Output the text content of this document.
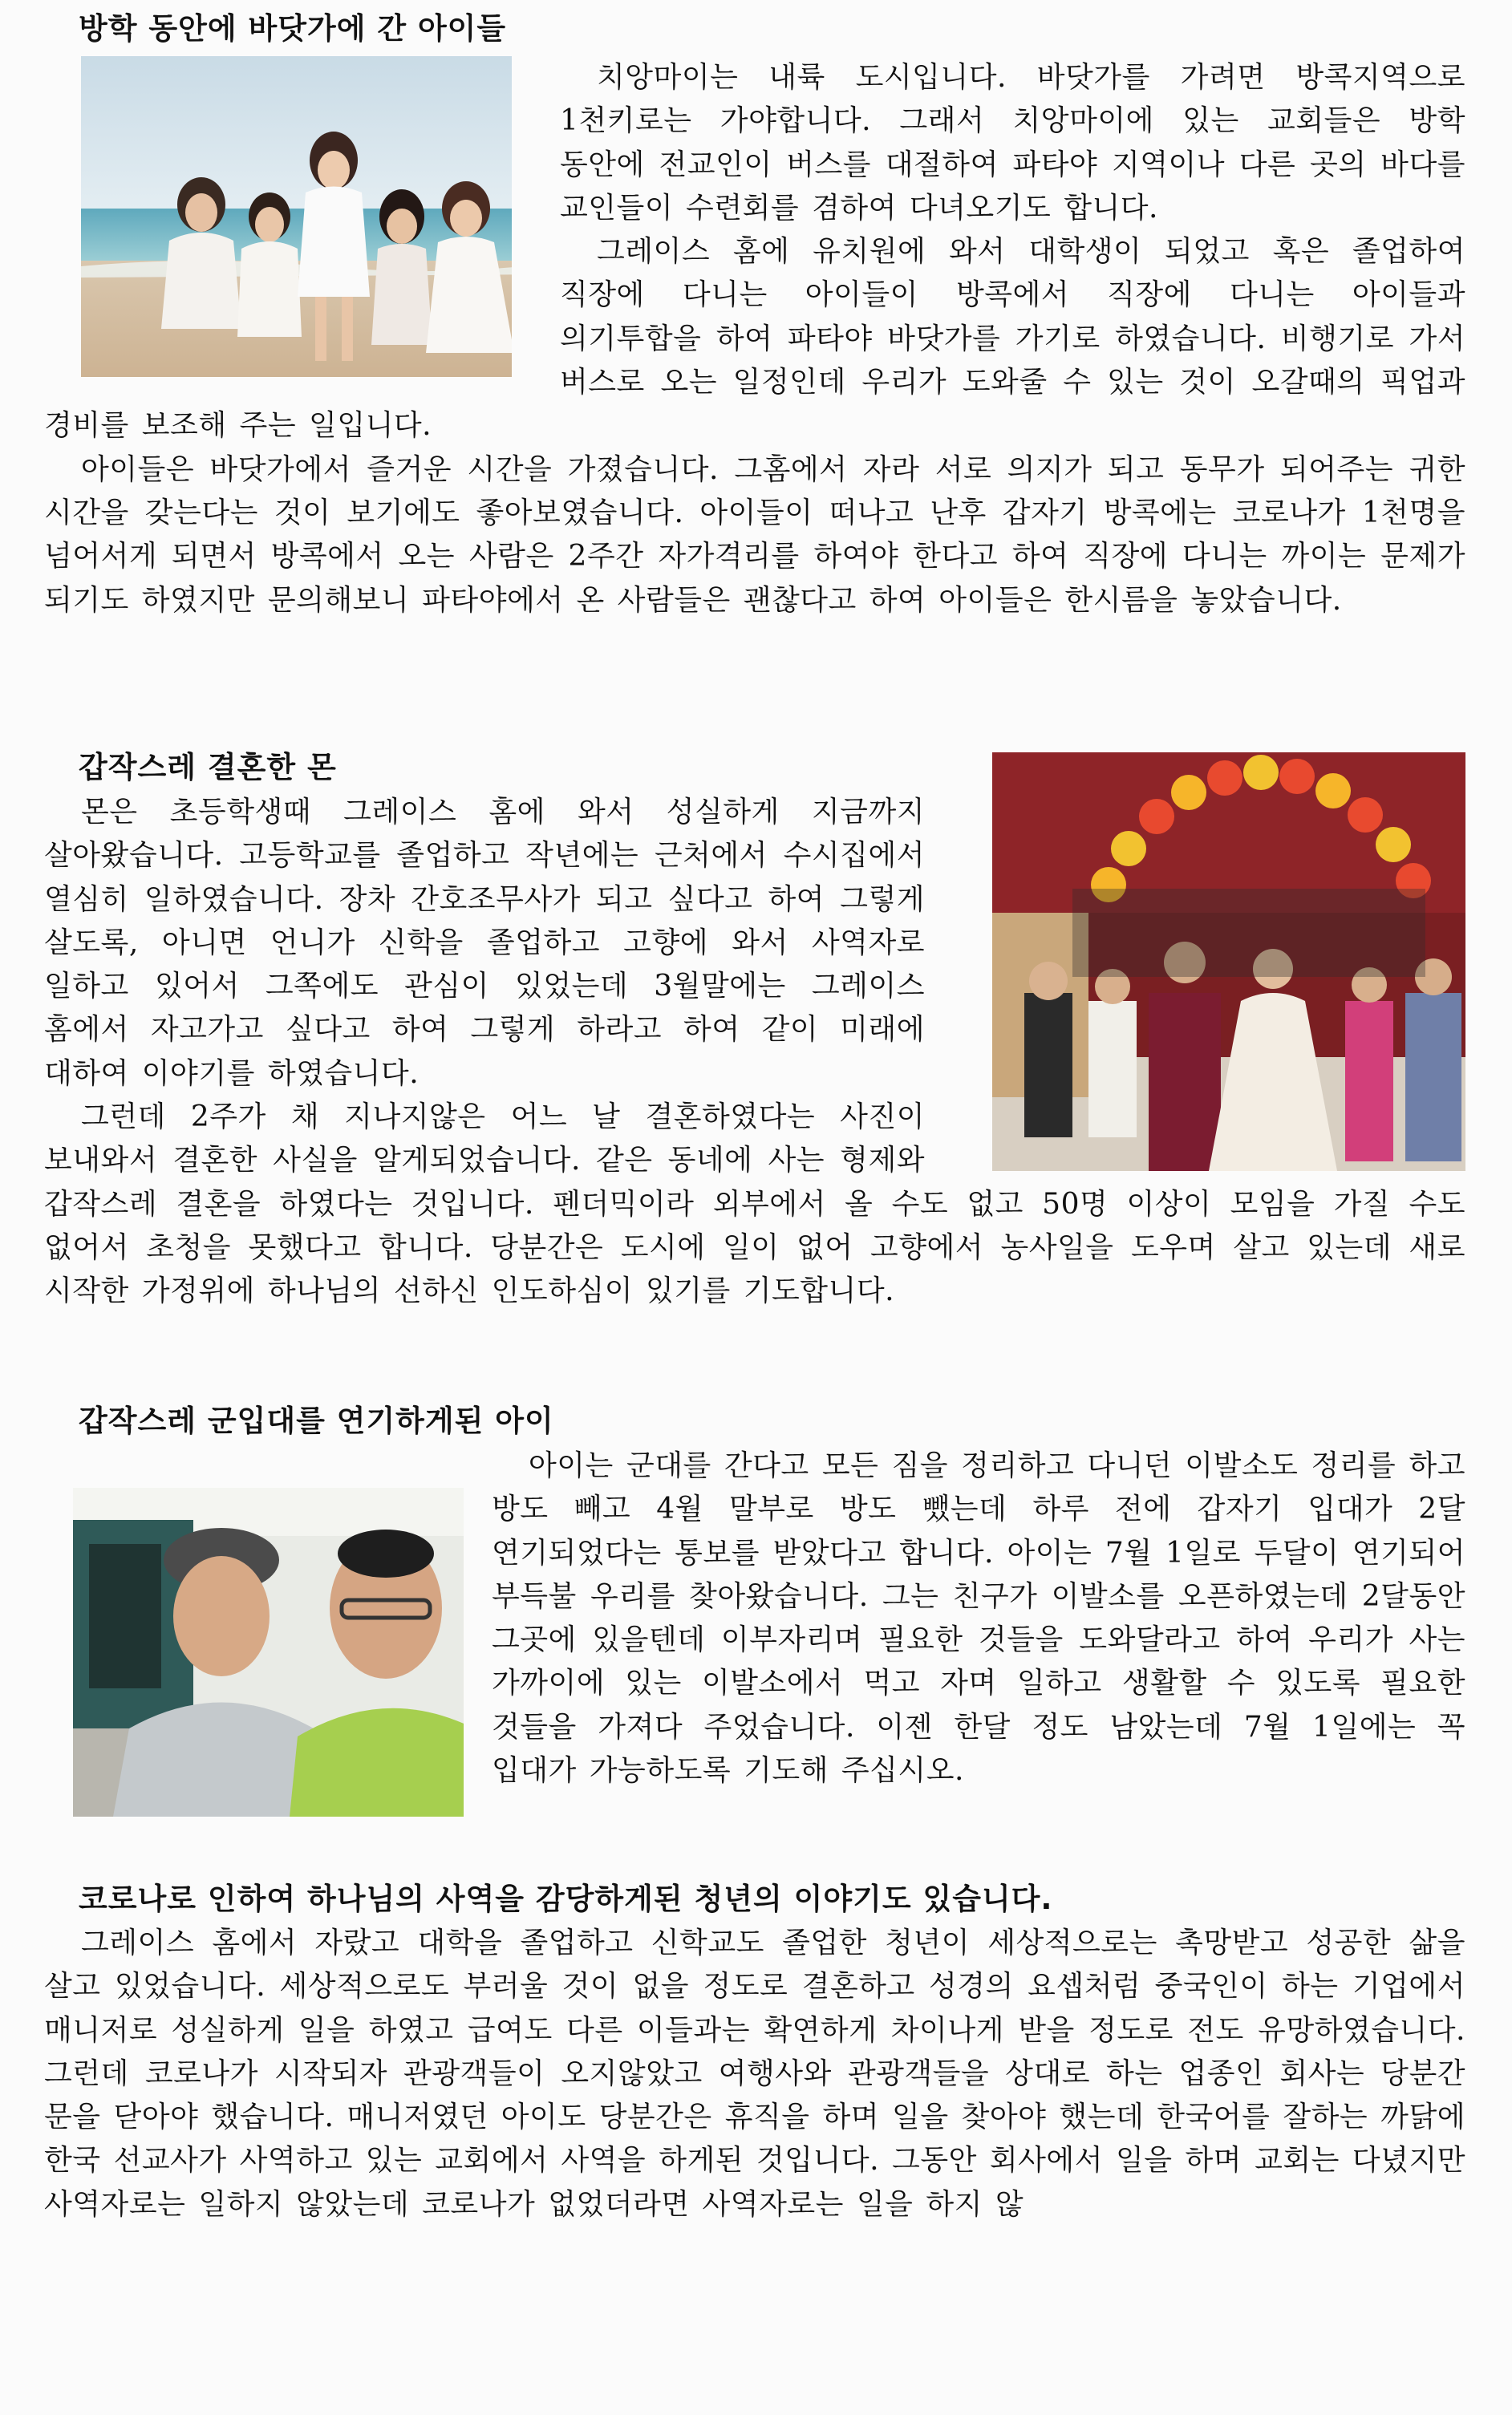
방학 동안에 바닷가에 간 아이들

치앙마이는 내륙 도시입니다. 바닷가를 가려면 방콕지역으로 1천키로는 가야합니다. 그래서 치앙마이에 있는 교회들은 방학 동안에 전교인이 버스를 대절하여 파타야 지역이나 다른 곳의 바다를 교인들이 수련회를 겸하여 다녀오기도 합니다.

그레이스 홈에 유치원에 와서 대학생이 되었고 혹은 졸업하여 직장에 다니는 아이들이 방콕에서 직장에 다니는 아이들과 의기투합을 하여 파타야 바닷가를 가기로 하였습니다. 비행기로 가서 버스로 오는 일정인데 우리가 도와줄 수 있는 것이 오갈때의 픽업과 경비를 보조해 주는 일입니다.

아이들은 바닷가에서 즐거운 시간을 가졌습니다. 그홈에서 자라 서로 의지가 되고 동무가 되어주는 귀한 시간을 갖는다는 것이 보기에도 좋아보였습니다. 아이들이 떠나고 난후 갑자기 방콕에는 코로나가 1천명을 넘어서게 되면서 방콕에서 오는 사람은 2주간 자가격리를 하여야 한다고 하여 직장에 다니는 까이는 문제가 되기도 하였지만 문의해보니 파타야에서 온 사람들은 괜찮다고 하여 아이들은 한시름을 놓았습니다.

갑작스레 결혼한 몬

몬은 초등학생때 그레이스 홈에 와서 성실하게 지금까지 살아왔습니다. 고등학교를 졸업하고 작년에는 근처에서 수시집에서 열심히 일하였습니다. 장차 간호조무사가 되고 싶다고 하여 그렇게 살도록, 아니면 언니가 신학을 졸업하고 고향에 와서 사역자로 일하고 있어서 그쪽에도 관심이 있었는데 3월말에는 그레이스 홈에서 자고가고 싶다고 하여 그렇게 하라고 하여 같이 미래에 대하여 이야기를 하였습니다.

그런데 2주가 채 지나지않은 어느 날 결혼하였다는 사진이 보내와서 결혼한 사실을 알게되었습니다. 같은 동네에 사는 형제와 갑작스레 결혼을 하였다는 것입니다. 펜더믹이라 외부에서 올 수도 없고 50명 이상이 모임을 가질 수도 없어서 초청을 못했다고 합니다. 당분간은 도시에 일이 없어 고향에서 농사일을 도우며 살고 있는데 새로 시작한 가정위에 하나님의 선하신 인도하심이 있기를 기도합니다.

갑작스레 군입대를 연기하게된 아이

아이는 군대를 간다고 모든 짐을 정리하고 다니던 이발소도 정리를 하고 방도 빼고 4월 말부로 방도 뺐는데 하루 전에 갑자기 입대가 2달 연기되었다는 통보를 받았다고 합니다. 아이는 7월 1일로 두달이 연기되어 부득불 우리를 찾아왔습니다. 그는 친구가 이발소를 오픈하였는데 2달동안 그곳에 있을텐데 이부자리며 필요한 것들을 도와달라고 하여 우리가 사는 가까이에 있는 이발소에서 먹고 자며 일하고 생활할 수 있도록 필요한 것들을 가져다 주었습니다. 이젠 한달 정도 남았는데 7월 1일에는 꼭 입대가 가능하도록 기도해 주십시오.

코로나로 인하여 하나님의 사역을 감당하게된 청년의 이야기도 있습니다.

그레이스 홈에서 자랐고 대학을 졸업하고 신학교도 졸업한 청년이 세상적으로는 촉망받고 성공한 삶을 살고 있었습니다. 세상적으로도 부러울 것이 없을 정도로 결혼하고 성경의 요셉처럼 중국인이 하는 기업에서 매니저로 성실하게 일을 하였고 급여도 다른 이들과는 확연하게 차이나게 받을 정도로 전도 유망하였습니다. 그런데 코로나가 시작되자 관광객들이 오지않았고 여행사와 관광객들을 상대로 하는 업종인 회사는 당분간 문을 닫아야 했습니다. 매니저였던 아이도 당분간은 휴직을 하며 일을 찾아야 했는데 한국어를 잘하는 까닭에 한국 선교사가 사역하고 있는 교회에서 사역을 하게된 것입니다. 그동안 회사에서 일을 하며 교회는 다녔지만 사역자로는 일하지 않았는데 코로나가 없었더라면 사역자로는 일을 하지 않
